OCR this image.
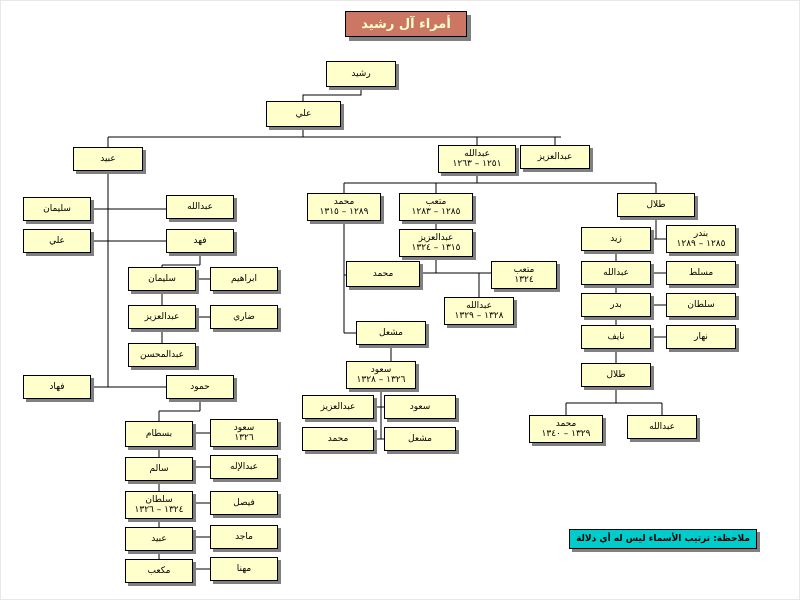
أمراء آل رشيد
ملاحظة: ترتيب الأسماء ليس له أي دلالة
رشيد
علي
عبيد
عبدالله
١٢٥١ – ١٢٦٣
عبدالعزيز
سليمان	عبدالله
علي	فهد
سليمان	ابراهيم
عبدالعزيز	ضاري
عبدالمحسن
فهاد	حمود
بسطام
سعود
١٣٢٦
سالم	عبدالإله
سلطان
١٣٢٤ – ١٣٢٦
فيصل
عبيد	ماجد
مكعب	مهنا
محمد
١٢٨٩ – ١٣١٥
متعب
١٢٨٥ – ١٢٨٣
طلال
عبدالعزيز
١٣١٥ – ١٣٢٤
محمد	متعب
١٣٢٤
عبدالله
١٣٢٨ – ١٣٢٩
مشعل
سعود
١٣٢٦ – ١٣٢٨
عبدالعزيز	سعود
محمد	مشعل
زيد
بندر
١٢٨٥ – ١٢٨٩
عبدالله	مسلط
بدر	سلطان
نايف	نهار
طلال
محمد
١٣٢٩ – ١٣٤٠
عبدالله
